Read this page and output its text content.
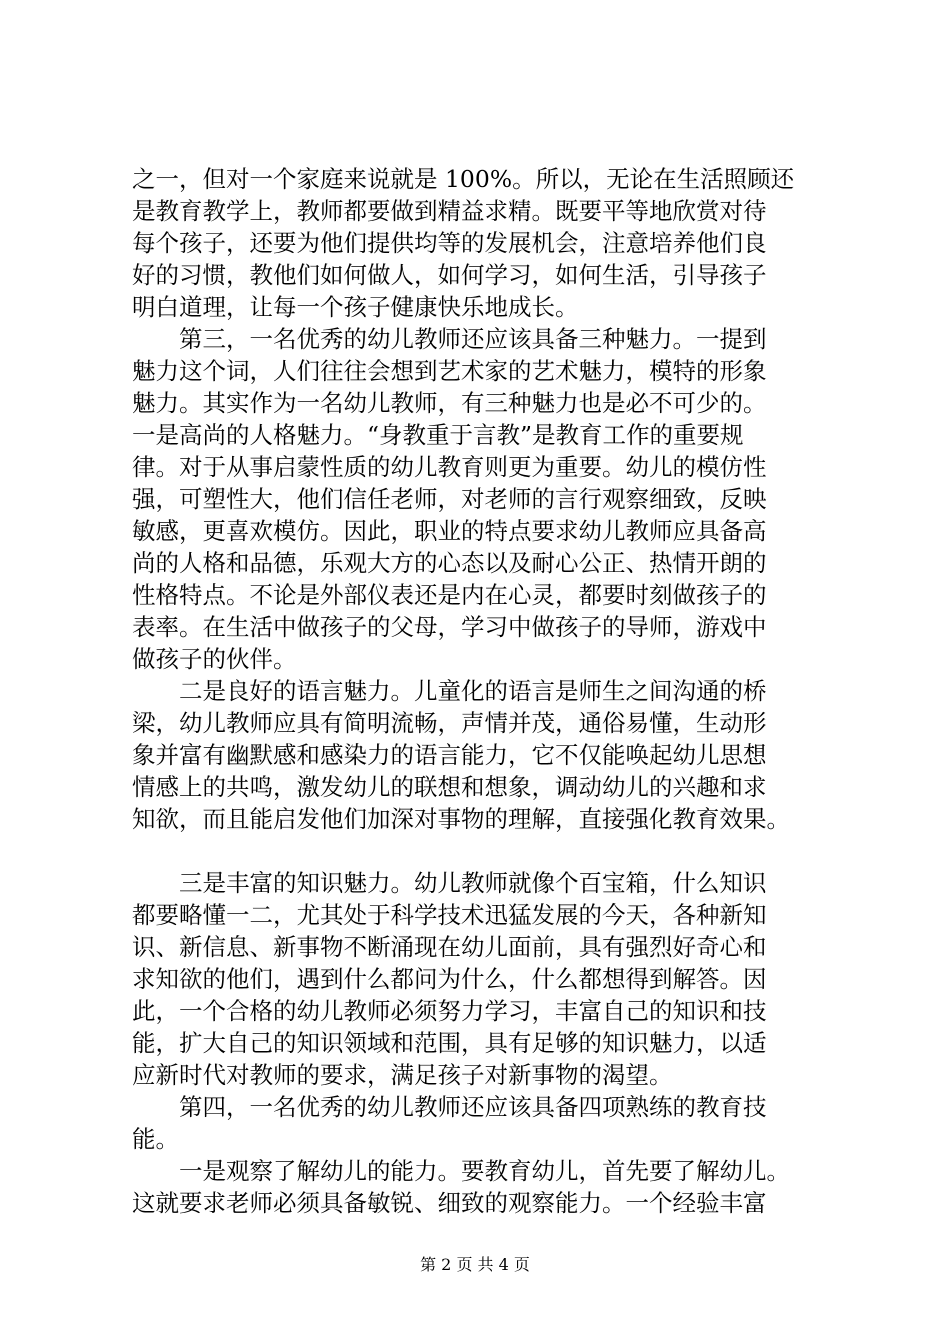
之一，但对一个家庭来说就是 100%。所以，无论在生活照顾还
是教育教学上，教师都要做到精益求精。既要平等地欣赏对待
每个孩子，还要为他们提供均等的发展机会，注意培养他们良
好的习惯，教他们如何做人，如何学习，如何生活，引导孩子
明白道理，让每一个孩子健康快乐地成长。
　　第三，一名优秀的幼儿教师还应该具备三种魅力。一提到
魅力这个词，人们往往会想到艺术家的艺术魅力，模特的形象
魅力。其实作为一名幼儿教师，有三种魅力也是必不可少的。
一是高尚的人格魅力。“身教重于言教”是教育工作的重要规
律。对于从事启蒙性质的幼儿教育则更为重要。幼儿的模仿性
强，可塑性大，他们信任老师，对老师的言行观察细致，反映
敏感，更喜欢模仿。因此，职业的特点要求幼儿教师应具备高
尚的人格和品德，乐观大方的心态以及耐心公正、热情开朗的
性格特点。不论是外部仪表还是内在心灵，都要时刻做孩子的
表率。在生活中做孩子的父母，学习中做孩子的导师，游戏中
做孩子的伙伴。
　　二是良好的语言魅力。儿童化的语言是师生之间沟通的桥
梁，幼儿教师应具有简明流畅，声情并茂，通俗易懂，生动形
象并富有幽默感和感染力的语言能力，它不仅能唤起幼儿思想
情感上的共鸣，激发幼儿的联想和想象，调动幼儿的兴趣和求
知欲，而且能启发他们加深对事物的理解，直接强化教育效果。
　　三是丰富的知识魅力。幼儿教师就像个百宝箱，什么知识
都要略懂一二，尤其处于科学技术迅猛发展的今天，各种新知
识、新信息、新事物不断涌现在幼儿面前，具有强烈好奇心和
求知欲的他们，遇到什么都问为什么，什么都想得到解答。因
此，一个合格的幼儿教师必须努力学习，丰富自己的知识和技
能，扩大自己的知识领域和范围，具有足够的知识魅力，以适
应新时代对教师的要求，满足孩子对新事物的渴望。
　　第四，一名优秀的幼儿教师还应该具备四项熟练的教育技
能。
　　一是观察了解幼儿的能力。要教育幼儿，首先要了解幼儿。
这就要求老师必须具备敏锐、细致的观察能力。一个经验丰富
第 2 页 共 4 页
